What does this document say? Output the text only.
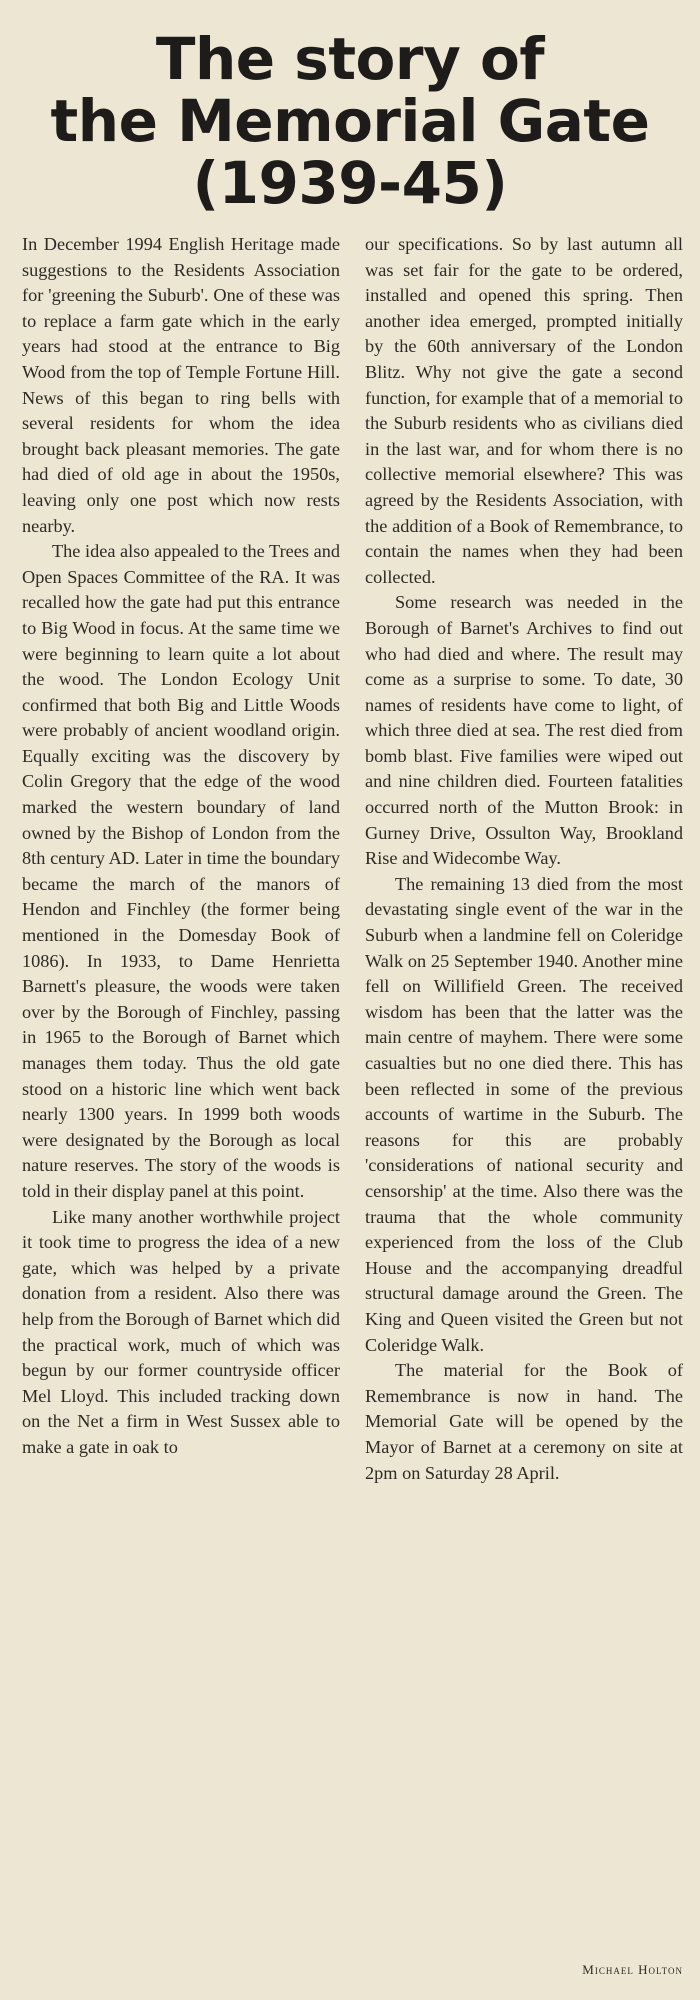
The story of
the Memorial Gate
(1939-45)

In December 1994 English Heritage made suggestions to the Residents Association for 'greening the Suburb'. One of these was to replace a farm gate which in the early years had stood at the entrance to Big Wood from the top of Temple Fortune Hill. News of this began to ring bells with several residents for whom the idea brought back pleasant memories. The gate had died of old age in about the 1950s, leaving only one post which now rests nearby.

The idea also appealed to the Trees and Open Spaces Committee of the RA. It was recalled how the gate had put this entrance to Big Wood in focus. At the same time we were beginning to learn quite a lot about the wood. The London Ecology Unit confirmed that both Big and Little Woods were probably of ancient woodland origin. Equally exciting was the discovery by Colin Gregory that the edge of the wood marked the western boundary of land owned by the Bishop of London from the 8th century AD. Later in time the boundary became the march of the manors of Hendon and Finchley (the former being mentioned in the Domesday Book of 1086). In 1933, to Dame Henrietta Barnett's pleasure, the woods were taken over by the Borough of Finchley, passing in 1965 to the Borough of Barnet which manages them today. Thus the old gate stood on a historic line which went back nearly 1300 years. In 1999 both woods were designated by the Borough as local nature reserves. The story of the woods is told in their display panel at this point.

Like many another worthwhile project it took time to progress the idea of a new gate, which was helped by a private donation from a resident. Also there was help from the Borough of Barnet which did the practical work, much of which was begun by our former countryside officer Mel Lloyd. This included tracking down on the Net a firm in West Sussex able to make a gate in oak to

our specifications. So by last autumn all was set fair for the gate to be ordered, installed and opened this spring. Then another idea emerged, prompted initially by the 60th anniversary of the London Blitz. Why not give the gate a second function, for example that of a memorial to the Suburb residents who as civilians died in the last war, and for whom there is no collective memorial elsewhere? This was agreed by the Residents Association, with the addition of a Book of Remembrance, to contain the names when they had been collected.

Some research was needed in the Borough of Barnet's Archives to find out who had died and where. The result may come as a surprise to some. To date, 30 names of residents have come to light, of which three died at sea. The rest died from bomb blast. Five families were wiped out and nine children died. Fourteen fatalities occurred north of the Mutton Brook: in Gurney Drive, Ossulton Way, Brookland Rise and Widecombe Way.

The remaining 13 died from the most devastating single event of the war in the Suburb when a landmine fell on Coleridge Walk on 25 September 1940. Another mine fell on Willifield Green. The received wisdom has been that the latter was the main centre of mayhem. There were some casualties but no one died there. This has been reflected in some of the previous accounts of wartime in the Suburb. The reasons for this are probably 'considerations of national security and censorship' at the time. Also there was the trauma that the whole community experienced from the loss of the Club House and the accompanying dreadful structural damage around the Green. The King and Queen visited the Green but not Coleridge Walk.

The material for the Book of Remembrance is now in hand. The Memorial Gate will be opened by the Mayor of Barnet at a ceremony on site at 2pm on Saturday 28 April.

Michael Holton
